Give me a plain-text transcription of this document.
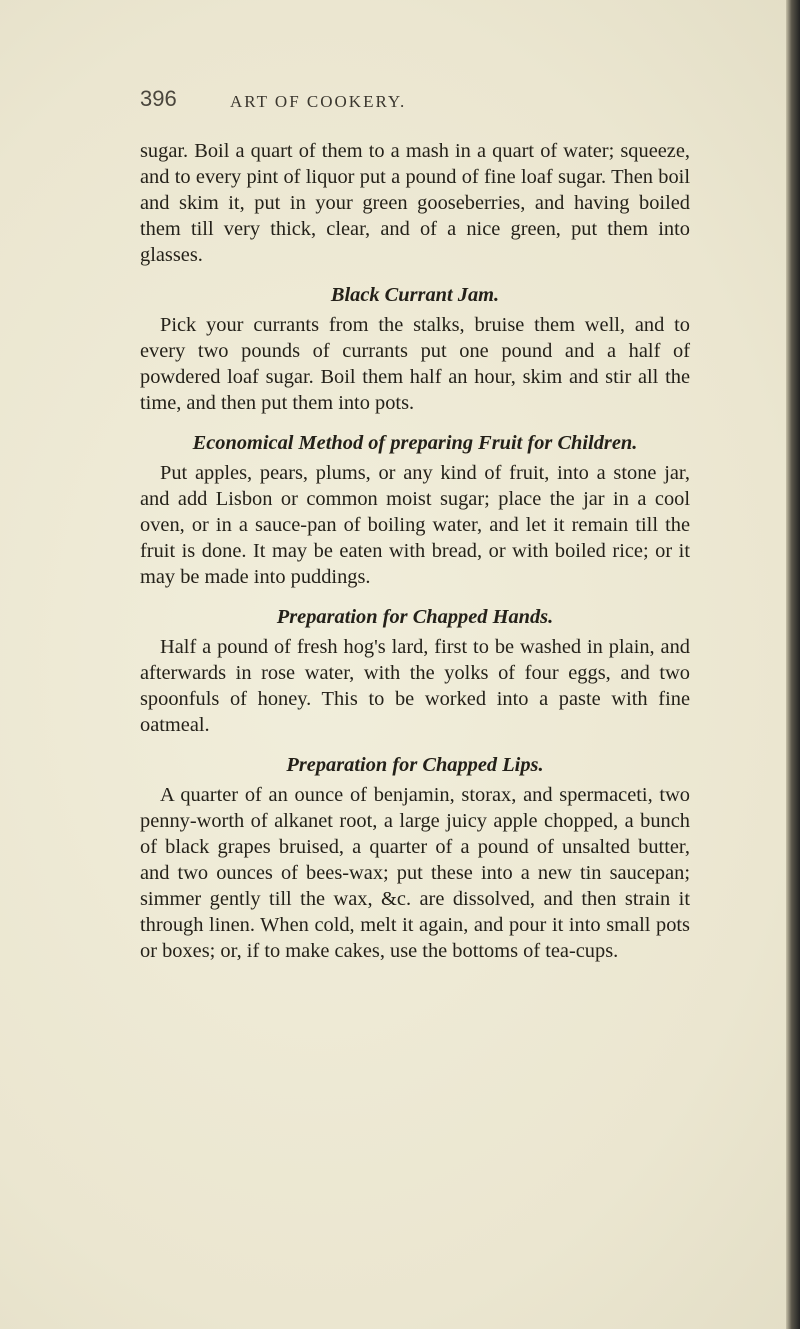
396	ART OF COOKERY.

sugar. Boil a quart of them to a mash in a quart of water; squeeze, and to every pint of liquor put a pound of fine loaf sugar. Then boil and skim it, put in your green gooseberries, and having boiled them till very thick, clear, and of a nice green, put them into glasses.

Black Currant Jam.

Pick your currants from the stalks, bruise them well, and to every two pounds of currants put one pound and a half of powdered loaf sugar. Boil them half an hour, skim and stir all the time, and then put them into pots.

Economical Method of preparing Fruit for Children.

Put apples, pears, plums, or any kind of fruit, into a stone jar, and add Lisbon or common moist sugar; place the jar in a cool oven, or in a sauce-pan of boiling water, and let it remain till the fruit is done. It may be eaten with bread, or with boiled rice; or it may be made into puddings.

Preparation for Chapped Hands.

Half a pound of fresh hog's lard, first to be washed in plain, and afterwards in rose water, with the yolks of four eggs, and two spoonfuls of honey. This to be worked into a paste with fine oatmeal.

Preparation for Chapped Lips.

A quarter of an ounce of benjamin, storax, and spermaceti, two penny-worth of alkanet root, a large juicy apple chopped, a bunch of black grapes bruised, a quarter of a pound of unsalted butter, and two ounces of bees-wax; put these into a new tin saucepan; simmer gently till the wax, &c. are dissolved, and then strain it through linen. When cold, melt it again, and pour it into small pots or boxes; or, if to make cakes, use the bottoms of tea-cups.
